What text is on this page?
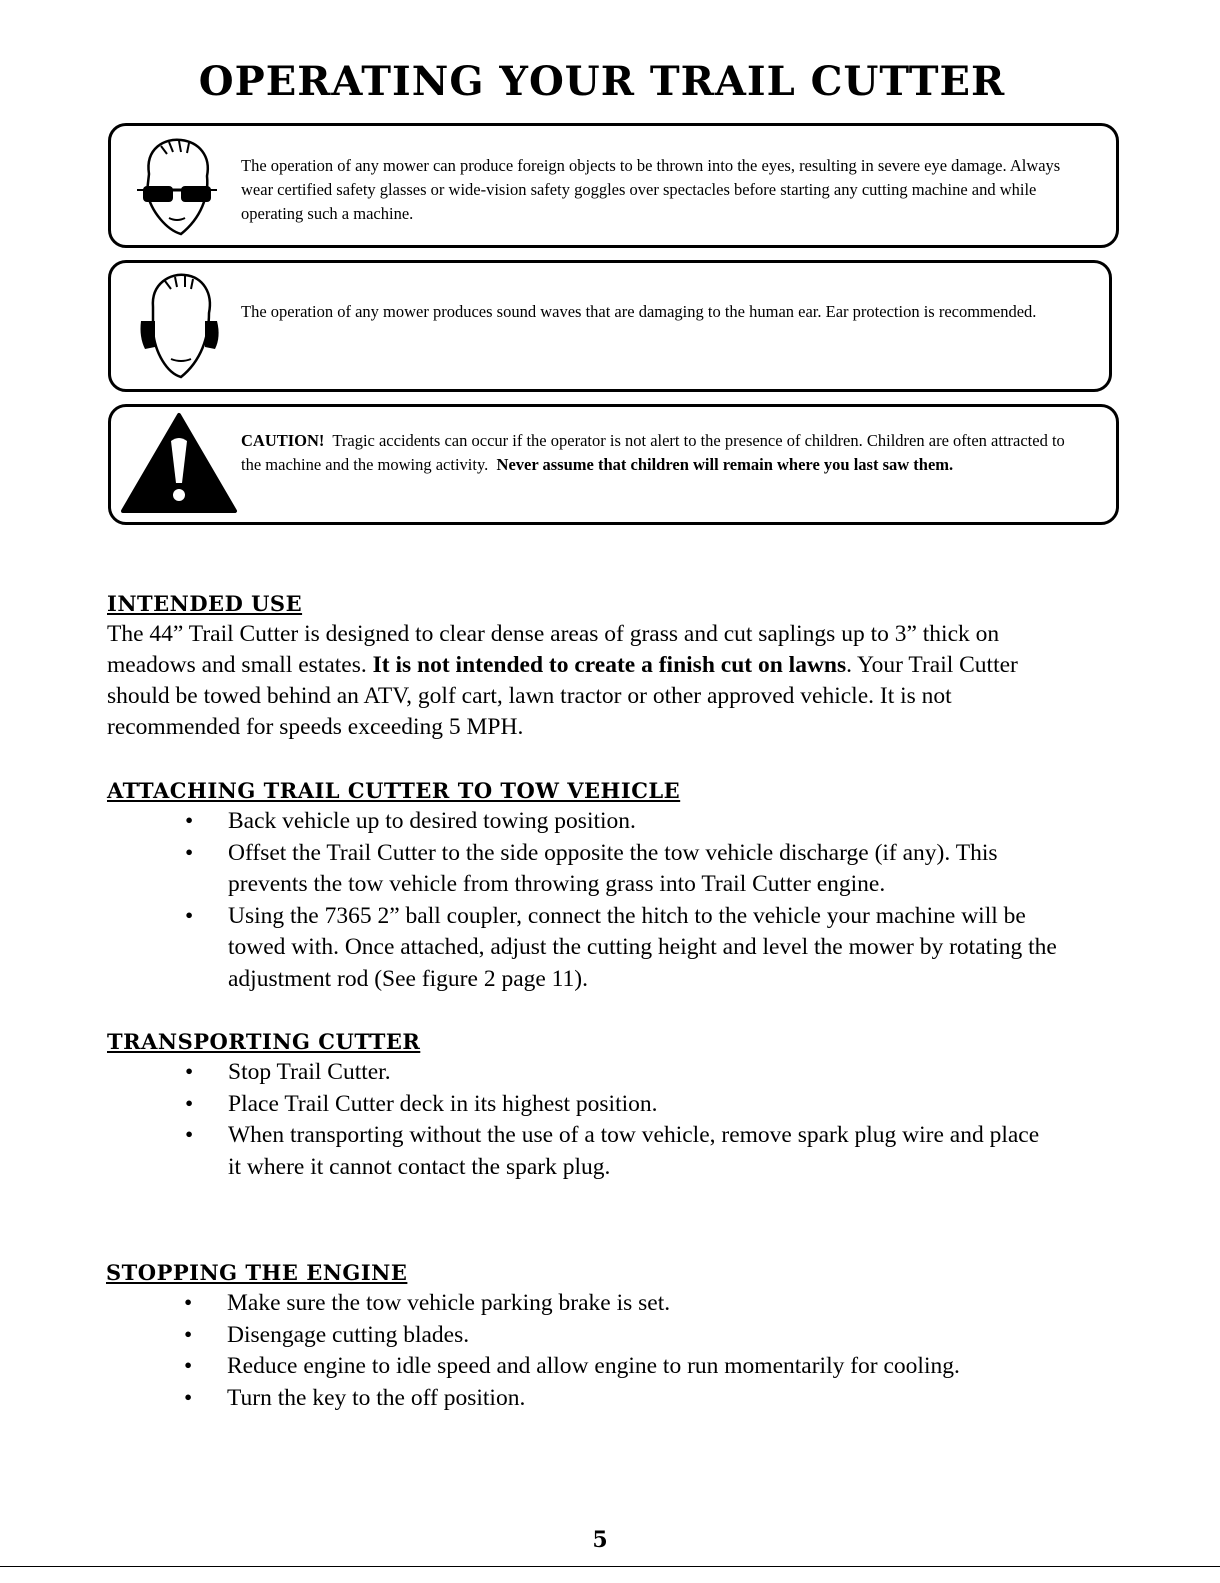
OPERATING YOUR TRAIL CUTTER
The operation of any mower can produce foreign objects to be thrown into the eyes, resulting in severe eye damage. Always wear certified safety glasses or wide-vision safety goggles over spectacles before starting any cutting machine and while operating such a machine.
The operation of any mower produces sound waves that are damaging to the human ear. Ear protection is recommended.
CAUTION! Tragic accidents can occur if the operator is not alert to the presence of children. Children are often attracted to the machine and the mowing activity. Never assume that children will remain where you last saw them.
INTENDED USE
The 44” Trail Cutter is designed to clear dense areas of grass and cut saplings up to 3” thick on meadows and small estates. It is not intended to create a finish cut on lawns. Your Trail Cutter should be towed behind an ATV, golf cart, lawn tractor or other approved vehicle. It is not recommended for speeds exceeding 5 MPH.
ATTACHING TRAIL CUTTER TO TOW VEHICLE
• Back vehicle up to desired towing position.
• Offset the Trail Cutter to the side opposite the tow vehicle discharge (if any). This prevents the tow vehicle from throwing grass into Trail Cutter engine.
• Using the 7365 2” ball coupler, connect the hitch to the vehicle your machine will be towed with. Once attached, adjust the cutting height and level the mower by rotating the adjustment rod (See figure 2 page 11).
TRANSPORTING CUTTER
• Stop Trail Cutter.
• Place Trail Cutter deck in its highest position.
• When transporting without the use of a tow vehicle, remove spark plug wire and place it where it cannot contact the spark plug.
STOPPING THE ENGINE
• Make sure the tow vehicle parking brake is set.
• Disengage cutting blades.
• Reduce engine to idle speed and allow engine to run momentarily for cooling.
• Turn the key to the off position.
5
